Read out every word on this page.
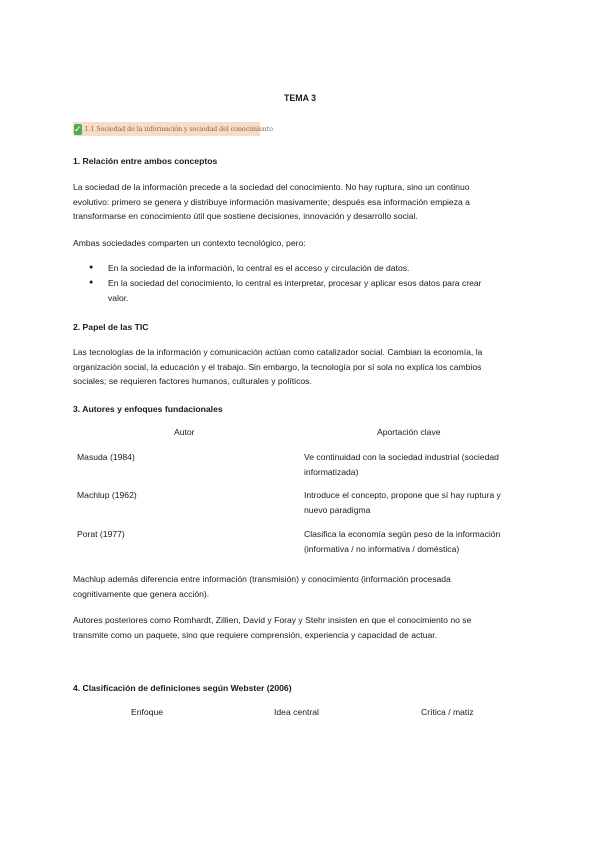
TEMA 3
✓ 1.1 Sociedad de la información y sociedad del conocimiento
1. Relación entre ambos conceptos
La sociedad de la información precede a la sociedad del conocimiento. No hay ruptura, sino un continuo
evolutivo: primero se genera y distribuye información masivamente; después esa información empieza a
transformarse en conocimiento útil que sostiene decisiones, innovación y desarrollo social.
Ambas sociedades comparten un contexto tecnológico, pero:
●	En la sociedad de la información, lo central es el acceso y circulación de datos.
●	En la sociedad del conocimiento, lo central es interpretar, procesar y aplicar esos datos para crear
valor.
2. Papel de las TIC
Las tecnologías de la información y comunicación actúan como catalizador social. Cambian la economía, la
organización social, la educación y el trabajo. Sin embargo, la tecnología por sí sola no explica los cambios
sociales; se requieren factores humanos, culturales y políticos.
3. Autores y enfoques fundacionales
Autor	Aportación clave
Masuda (1984)	Ve continuidad con la sociedad industrial (sociedad
informatizada)
Machlup (1962)	Introduce el concepto, propone que sí hay ruptura y
nuevo paradigma
Porat (1977)	Clasifica la economía según peso de la información
(informativa / no informativa / doméstica)
Machlup además diferencia entre información (transmisión) y conocimiento (información procesada
cognitivamente que genera acción).
Autores posteriores como Romhardt, Zillien, David y Foray y Stehr insisten en que el conocimiento no se
transmite como un paquete, sino que requiere comprensión, experiencia y capacidad de actuar.
4. Clasificación de definiciones según Webster (2006)
Enfoque	Idea central	Crítica / matiz
